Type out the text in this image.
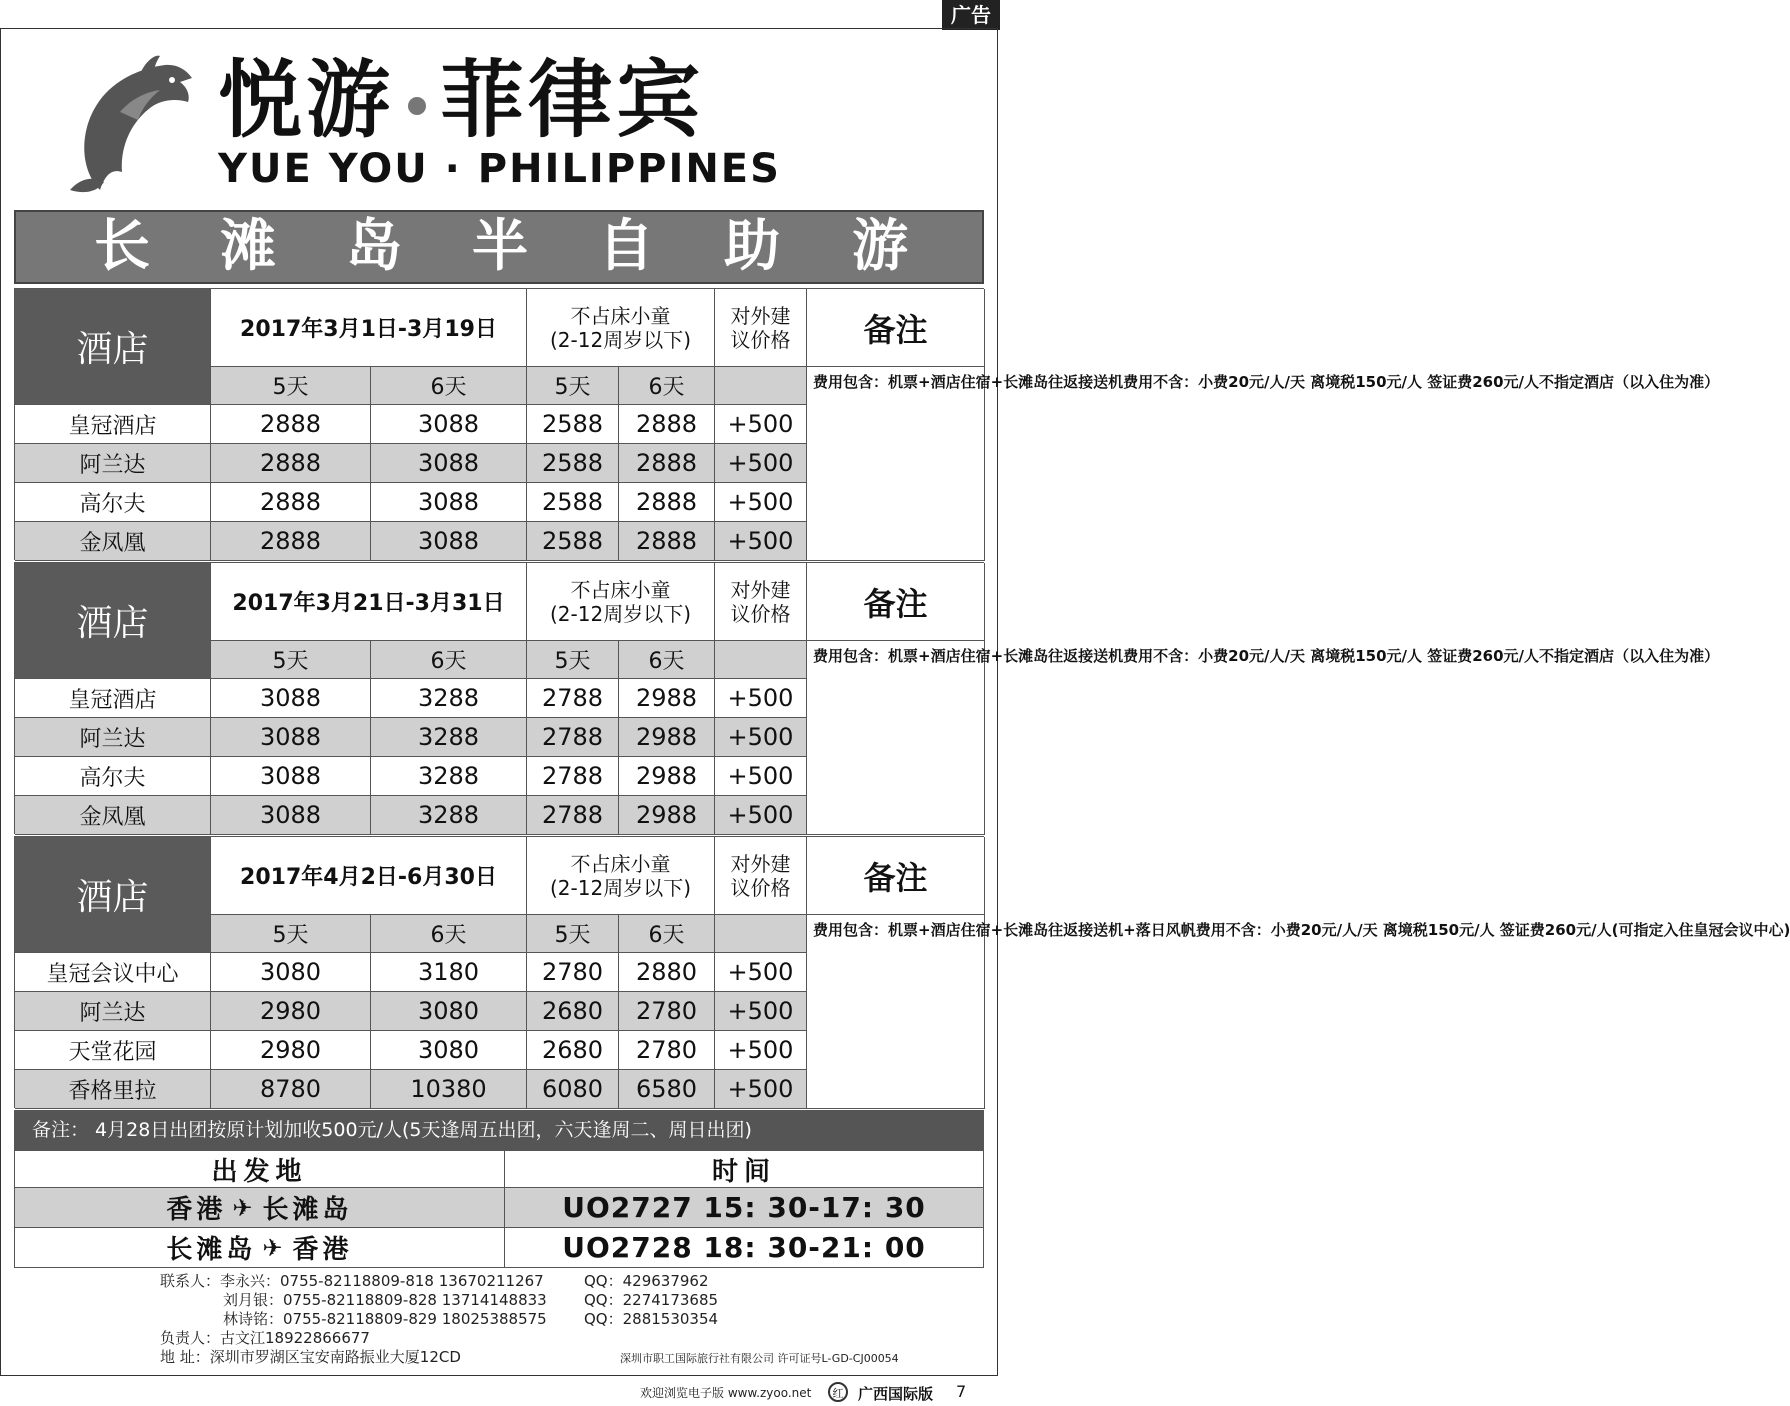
广告
悦游 菲律宾
YUE YOU · PHILIPPINES
长 滩 岛 半 自 助 游
酒店	2017年3月1日-3月19日
不占床小童
(2-12周岁以下)
对外建
议价格	备注
5天	6天	5天	6天	费用包含：机票+酒 店住宿+长滩岛往返 接送机 费用不含：小费20元 /人/天 离境税150元 /人 签证费260元/人 不指定酒店 （以入住为准）
皇冠酒店	2888	3088	2588	2888	+500
阿兰达	2888	3088	2588	2888	+500
高尔夫	2888	3088	2588	2888	+500
金凤凰	2888	3088	2588	2888	+500
酒店	2017年3月21日-3月31日
不占床小童
(2-12周岁以下)
对外建
议价格	备注
5天	6天	5天	6天	费用包含：机票+酒 店住宿+长滩岛往返 接送机 费用不含：小费20元 /人/天 离境税150元 /人 签证费260元/人 不指定酒店 （以入住为准）
皇冠酒店	3088	3288	2788	2988	+500
阿兰达	3088	3288	2788	2988	+500
高尔夫	3088	3288	2788	2988	+500
金凤凰	3088	3288	2788	2988	+500
酒店	2017年4月2日-6月30日
不占床小童
(2-12周岁以下)
对外建
议价格	备注
5天	6天	5天	6天	费用包含：机票+酒 店住宿+长滩岛往返 接送机+落日风帆 费用不含：小费20元 /人/天 离境税150元 /人 签证费260元/人 (可指定入住皇冠会 议中心)
皇冠会议中心	3080	3180	2780	2880	+500
阿兰达	2980	3080	2680	2780	+500
天堂花园	2980	3080	2680	2780	+500
香格里拉	8780	10380	6080	6580	+500
备注： 4月28日出团按原计划加收500元/人(5天逢周五出团，六天逢周二、周日出团)
出发地	时间
香港 ✈ 长滩岛	UO2727 15: 30-17: 30
长滩岛 ✈ 香港	UO2728 18: 30-21: 00
联系人：李永兴：0755-82118809-818 13670211267	QQ：429637962
刘月银：0755-82118809-828 13714148833 QQ：2274173685
林诗铭：0755-82118809-829 18025388575 QQ：2881530354
负责人：古文江18922866677
地 址：深圳市罗湖区宝安南路振业大厦12CD	深圳市职工国际旅行社有限公司 许可证号L-GD-CJ00054
欢迎浏览电子版 www.zyoo.net	红 广西国际版 7
